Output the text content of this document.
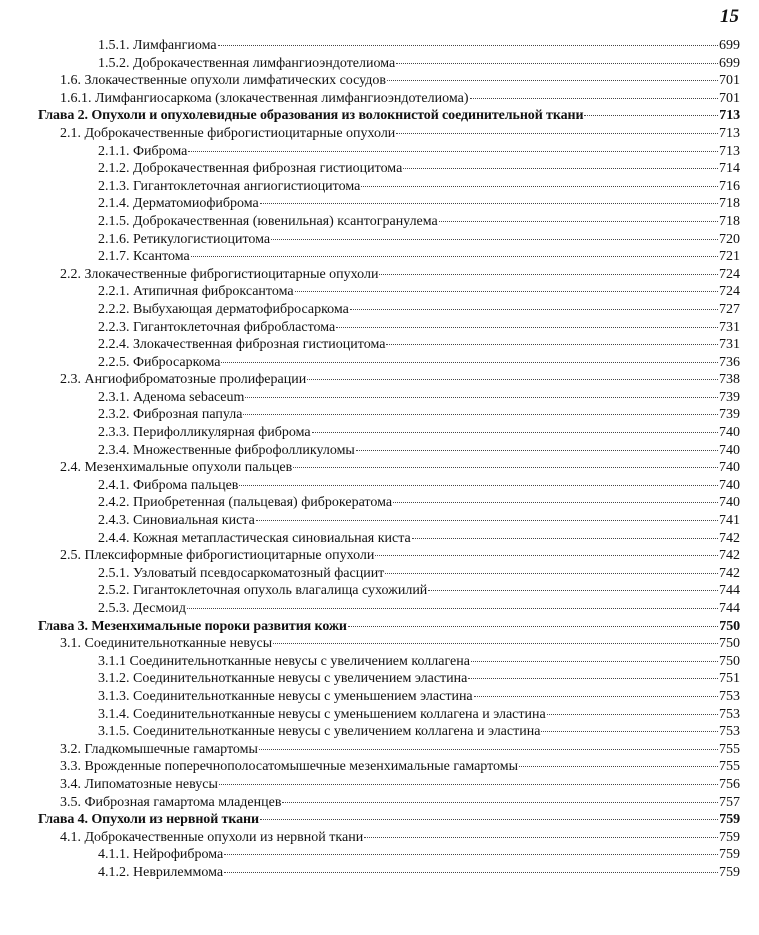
15
1.5.1. Лимфангиома	699
1.5.2. Доброкачественная лимфангиоэндотелиома	699
1.6. Злокачественные опухоли лимфатических сосудов	701
1.6.1. Лимфангиосаркома (злокачественная лимфангиоэндотелиома)	701
Глава 2. Опухоли и опухолевидные образования из волокнистой соединительной ткани	713
2.1. Доброкачественные фиброгистиоцитарные опухоли	713
2.1.1. Фиброма	713
2.1.2. Доброкачественная фиброзная гистиоцитома	714
2.1.3. Гигантоклеточная ангиогистиоцитома	716
2.1.4. Дерматомиофиброма	718
2.1.5. Доброкачественная (ювенильная) ксантогранулема	718
2.1.6. Ретикулогистиоцитома	720
2.1.7. Ксантома	721
2.2. Злокачественные фиброгистиоцитарные опухоли	724
2.2.1. Атипичная фиброксантома	724
2.2.2. Выбухающая дерматофибросаркома	727
2.2.3. Гигантоклеточная фибробластома	731
2.2.4. Злокачественная фиброзная гистиоцитома	731
2.2.5. Фибросаркома	736
2.3. Ангиофиброматозные пролиферации	738
2.3.1. Аденома sebaceum	739
2.3.2. Фиброзная папула	739
2.3.3. Перифолликулярная фиброма	740
2.3.4. Множественные фиброфолликуломы	740
2.4. Мезенхимальные опухоли пальцев	740
2.4.1. Фиброма пальцев	740
2.4.2. Приобретенная (пальцевая) фиброкератома	740
2.4.3. Синовиальная киста	741
2.4.4. Кожная метапластическая синовиальная киста	742
2.5. Плексиформные фиброгистиоцитарные опухоли	742
2.5.1. Узловатый псевдосаркоматозный фасциит	742
2.5.2. Гигантоклеточная опухоль влагалища сухожилий	744
2.5.3. Десмоид	744
Глава 3. Мезенхимальные пороки развития кожи	750
3.1. Соединительнотканные невусы	750
3.1.1 Соединительнотканные невусы с увеличением коллагена	750
3.1.2. Соединительнотканные невусы с увеличением эластина	751
3.1.3. Соединительнотканные невусы с уменьшением эластина	753
3.1.4. Соединительнотканные невусы с уменьшением коллагена и эластина	753
3.1.5. Соединительнотканные невусы с увеличением коллагена и эластина	753
3.2. Гладкомышечные гамартомы	755
3.3. Врожденные поперечнополосатомышечные мезенхимальные гамартомы	755
3.4. Липоматозные невусы	756
3.5. Фиброзная гамартома младенцев	757
Глава 4. Опухоли из нервной ткани	759
4.1. Доброкачественные опухоли из нервной ткани	759
4.1.1. Нейрофиброма	759
4.1.2. Неврилеммома	759
